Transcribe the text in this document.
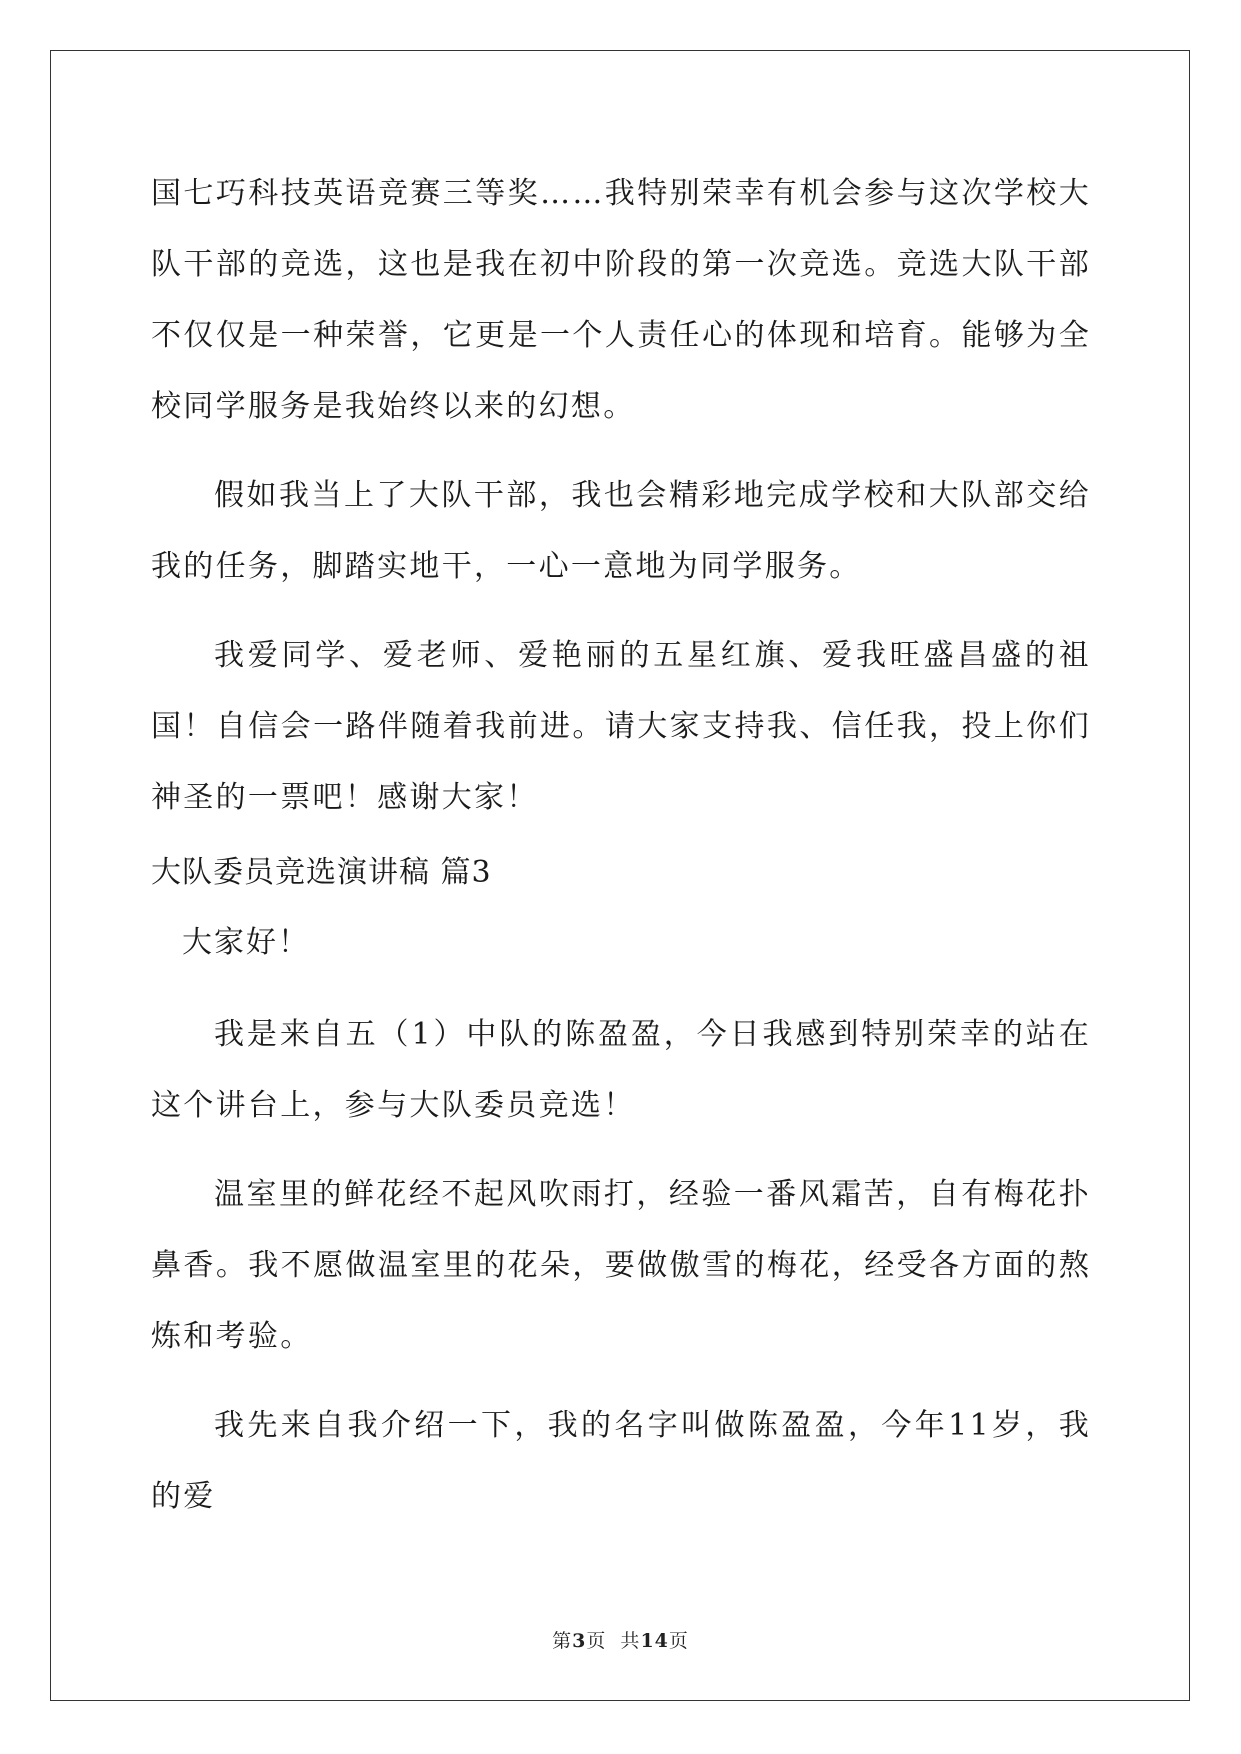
国七巧科技英语竞赛三等奖……我特别荣幸有机会参与这次学校大队干部的竞选，这也是我在初中阶段的第一次竞选。竞选大队干部不仅仅是一种荣誉，它更是一个人责任心的体现和培育。能够为全校同学服务是我始终以来的幻想。

假如我当上了大队干部，我也会精彩地完成学校和大队部交给我的任务，脚踏实地干，一心一意地为同学服务。

我爱同学、爱老师、爱艳丽的五星红旗、爱我旺盛昌盛的祖国！自信会一路伴随着我前进。请大家支持我、信任我，投上你们神圣的一票吧！感谢大家！

大队委员竞选演讲稿 篇3
大家好！

我是来自五（1）中队的陈盈盈，今日我感到特别荣幸的站在这个讲台上，参与大队委员竞选！

温室里的鲜花经不起风吹雨打，经验一番风霜苦，自有梅花扑鼻香。我不愿做温室里的花朵，要做傲雪的梅花，经受各方面的熬炼和考验。

我先来自我介绍一下，我的名字叫做陈盈盈，今年11岁，我的爱

第3页  共14页
